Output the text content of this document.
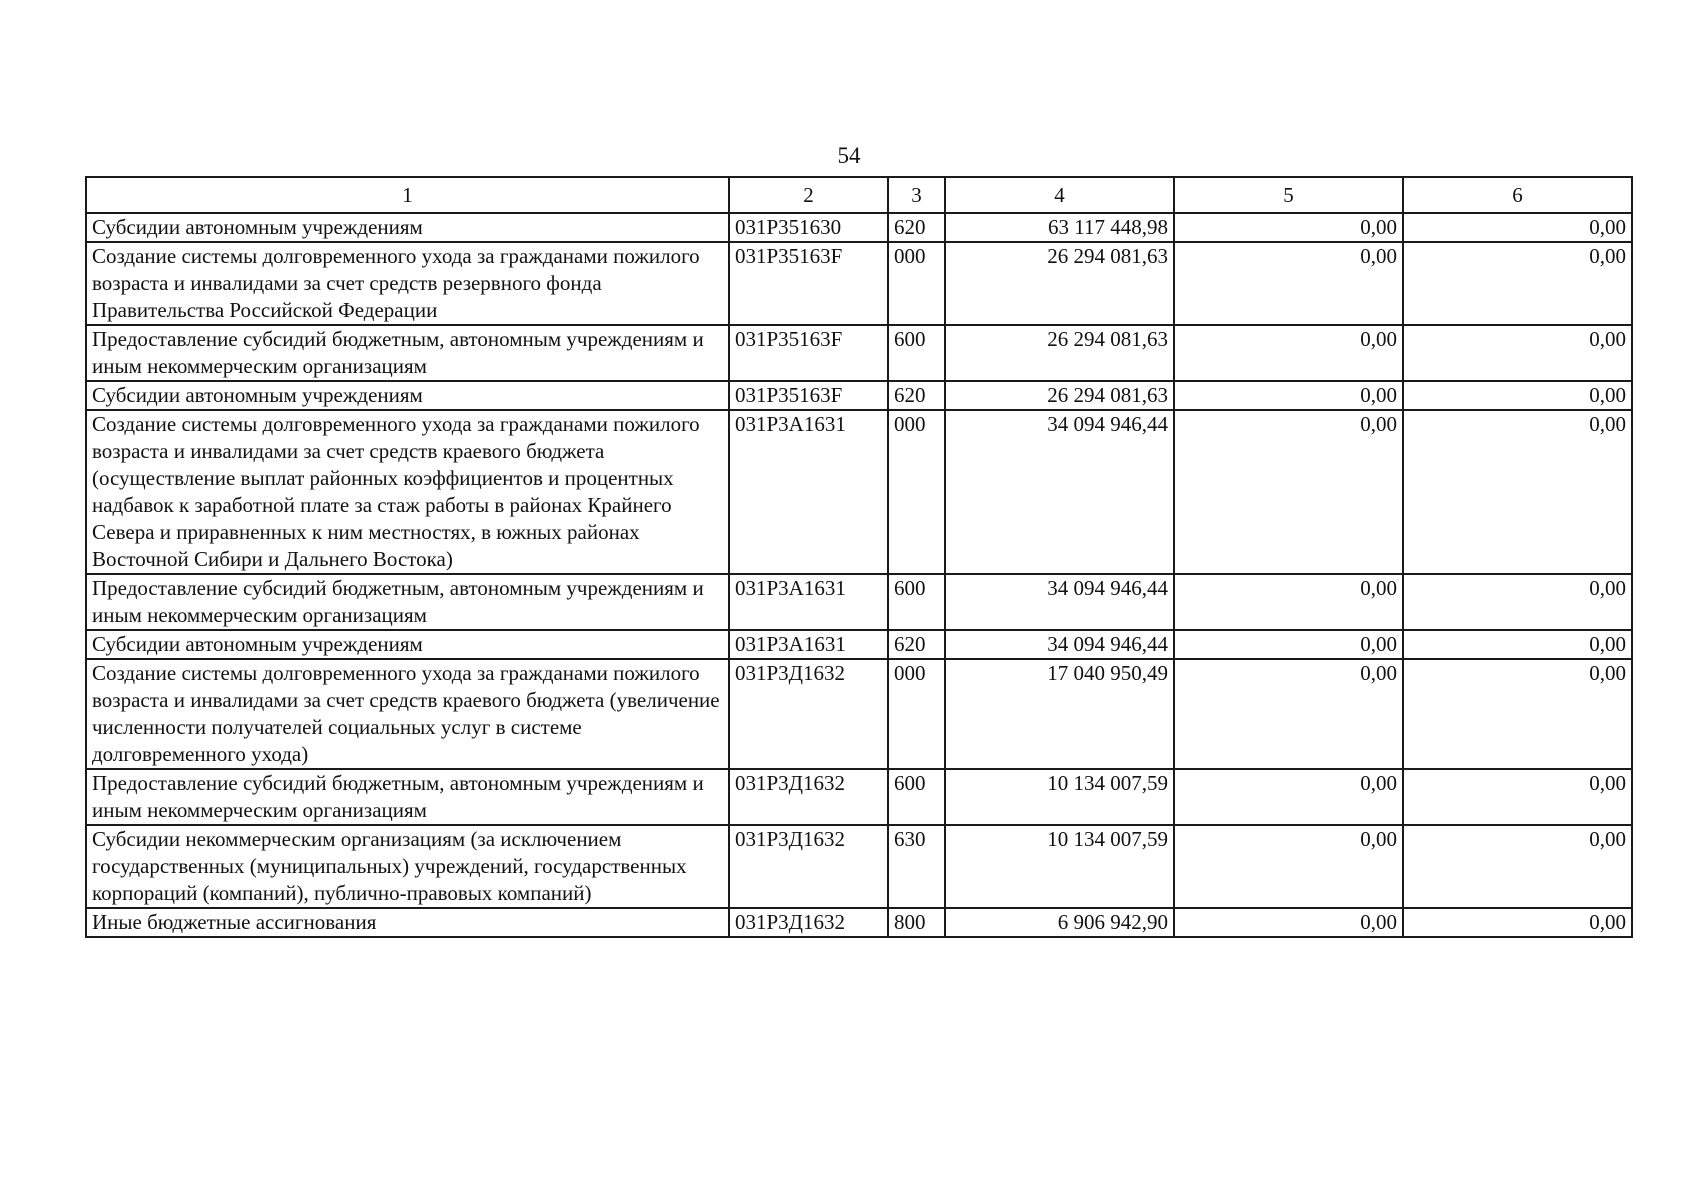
54
1	2	3	4	5	6
Субсидии автономным учреждениям	031Р351630	620	63 117 448,98	0,00	0,00
Создание системы долговременного ухода за гражданами пожилого возраста и инвалидами за счет средств резервного фонда Правительства Российской Федерации	031Р35163F	000	26 294 081,63	0,00	0,00
Предоставление субсидий бюджетным, автономным учреждениям и иным некоммерческим организациям	031Р35163F	600	26 294 081,63	0,00	0,00
Субсидии автономным учреждениям	031Р35163F	620	26 294 081,63	0,00	0,00
Создание системы долговременного ухода за гражданами пожилого возраста и инвалидами за счет средств краевого бюджета (осуществление выплат районных коэффициентов и процентных надбавок к заработной плате за стаж работы в районах Крайнего Севера и приравненных к ним местностях, в южных районах Восточной Сибири и Дальнего Востока)	031Р3А1631	000	34 094 946,44	0,00	0,00
Предоставление субсидий бюджетным, автономным учреждениям и иным некоммерческим организациям	031Р3А1631	600	34 094 946,44	0,00	0,00
Субсидии автономным учреждениям	031Р3А1631	620	34 094 946,44	0,00	0,00
Создание системы долговременного ухода за гражданами пожилого возраста и инвалидами за счет средств краевого бюджета (увеличение численности получателей социальных услуг в системе долговременного ухода)	031Р3Д1632	000	17 040 950,49	0,00	0,00
Предоставление субсидий бюджетным, автономным учреждениям и иным некоммерческим организациям	031Р3Д1632	600	10 134 007,59	0,00	0,00
Субсидии некоммерческим организациям (за исключением государственных (муниципальных) учреждений, государственных корпораций (компаний), публично-правовых компаний)	031Р3Д1632	630	10 134 007,59	0,00	0,00
Иные бюджетные ассигнования	031Р3Д1632	800	6 906 942,90	0,00	0,00
